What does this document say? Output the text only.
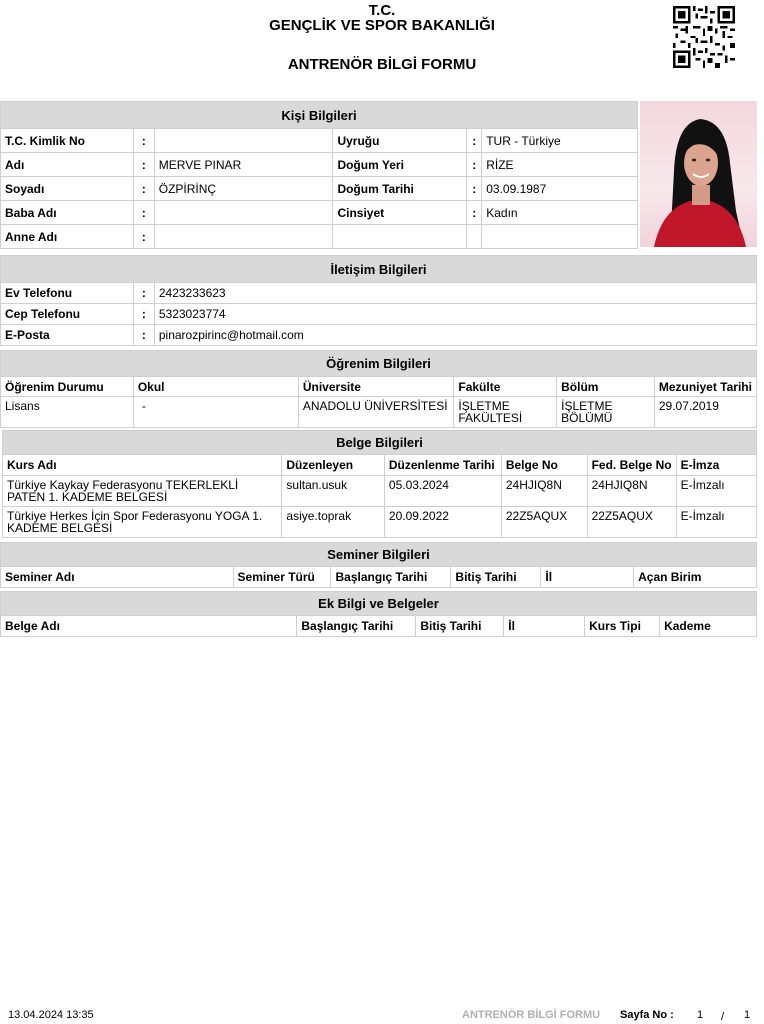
T.C.
GENÇLİK VE SPOR BAKANLIĞI
ANTRENÖR BİLGİ FORMU
Kişi Bilgileri					
T.C. Kimlik No	:		Uyruğu	:	TUR - Türkiye
Adı	:	MERVE PINAR	Doğum Yeri	:	RİZE
Soyadı	:	ÖZPİRİNÇ	Doğum Tarihi	:	03.09.1987
Baba Adı	:		Cinsiyet	:	Kadın
Anne Adı	:				
İletişim Bilgileri		
Ev Telefonu	:	2423233623
Cep Telefonu	:	5323023774
E-Posta	:	pinarozpirinc@hotmail.com
Öğrenim Bilgileri					
Öğrenim Durumu	Okul	Üniversite	Fakülte	Bölüm	Mezuniyet Tarihi
Lisans	-	ANADOLU ÜNİVERSİTESİ	İŞLETME FAKÜLTESİ	İŞLETME BÖLÜMÜ	29.07.2019
Belge Bilgileri					
Kurs Adı	Düzenleyen	Düzenlenme Tarihi	Belge No	Fed. Belge No	E-İmza
Türkiye Kaykay Federasyonu TEKERLEKLİ PATEN 1. KADEME BELGESİ	sultan.usuk	05.03.2024	24HJIQ8N	24HJIQ8N	E-İmzalı
Türkiye Herkes İçin Spor Federasyonu YOGA 1. KADEME BELGESİ	asiye.toprak	20.09.2022	22Z5AQUX	22Z5AQUX	E-İmzalı
Seminer Bilgileri
Seminer Adı	Seminer Türü	Başlangıç Tarihi	Bitiş Tarihi	İl	Açan Birim
Ek Bilgi ve Belgeler
Belge Adı	Başlangıç Tarihi	Bitiş Tarihi	İl	Kurs Tipi	Kademe
13.04.2024 13:35	ANTRENÖR BİLGİ FORMU Sayfa No : 1 / 1
